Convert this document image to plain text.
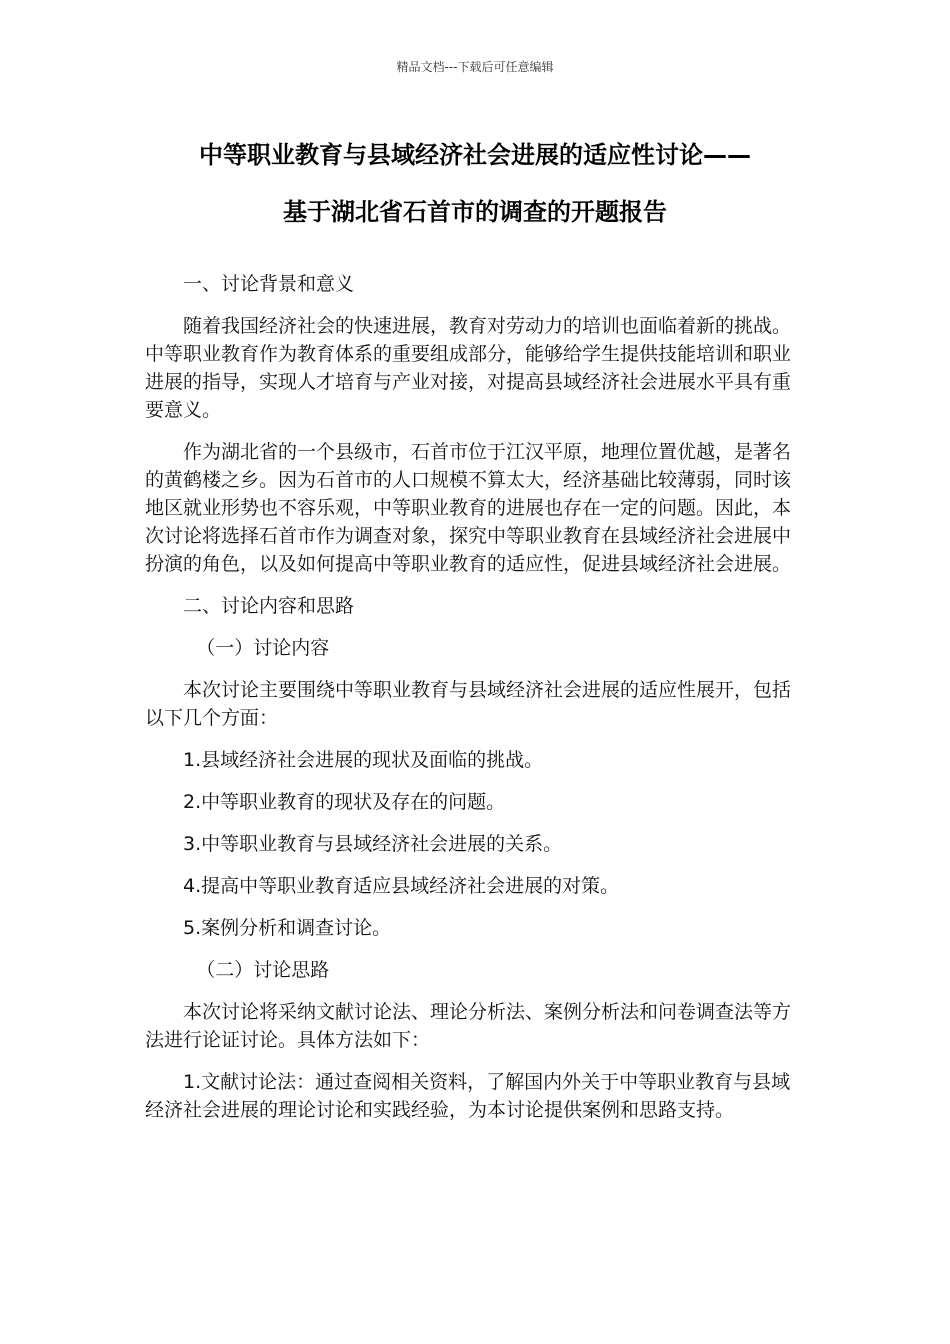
精品文档---下载后可任意编辑
中等职业教育与县域经济社会进展的适应性讨论——
基于湖北省石首市的调查的开题报告

一、讨论背景和意义

随着我国经济社会的快速进展，教育对劳动力的培训也面临着新的挑战。中等职业教育作为教育体系的重要组成部分，能够给学生提供技能培训和职业进展的指导，实现人才培育与产业对接，对提高县域经济社会进展水平具有重要意义。

作为湖北省的一个县级市，石首市位于江汉平原，地理位置优越，是著名的黄鹤楼之乡。因为石首市的人口规模不算太大，经济基础比较薄弱，同时该地区就业形势也不容乐观，中等职业教育的进展也存在一定的问题。因此，本次讨论将选择石首市作为调查对象，探究中等职业教育在县域经济社会进展中扮演的角色，以及如何提高中等职业教育的适应性，促进县域经济社会进展。

二、讨论内容和思路

（一）讨论内容

本次讨论主要围绕中等职业教育与县域经济社会进展的适应性展开，包括以下几个方面：

1.县域经济社会进展的现状及面临的挑战。

2.中等职业教育的现状及存在的问题。

3.中等职业教育与县域经济社会进展的关系。

4.提高中等职业教育适应县域经济社会进展的对策。

5.案例分析和调查讨论。

（二）讨论思路

本次讨论将采纳文献讨论法、理论分析法、案例分析法和问卷调查法等方法进行论证讨论。具体方法如下：

1.文献讨论法：通过查阅相关资料，了解国内外关于中等职业教育与县域经济社会进展的理论讨论和实践经验，为本讨论提供案例和思路支持。
